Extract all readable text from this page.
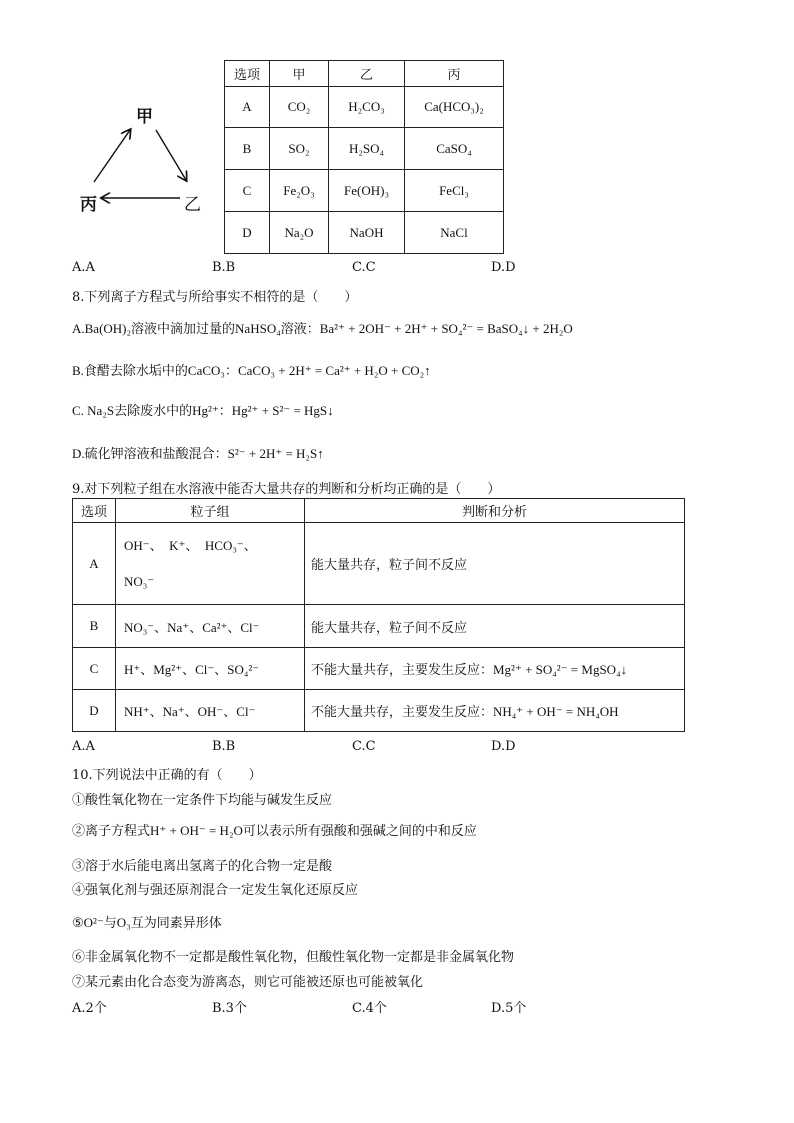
甲
丙	乙
选项	甲	乙	丙
A	CO₂	H₂CO₃	Ca(HCO₃)₂
B	SO₂	H₂SO₄	CaSO₄
C	Fe₂O₃	Fe(OH)₃	FeCl₃
D	Na₂O	NaOH	NaCl
A.A	B.B	C.C	D.D
8.下列离子方程式与所给事实不相符的是（　　）
A.Ba(OH)₂溶液中滴加过量的NaHSO₄溶液：Ba²⁺ + 2OH⁻ + 2H⁺ + SO₄²⁻ = BaSO₄↓ + 2H₂O
B.食醋去除水垢中的CaCO₃：CaCO₃ + 2H⁺ = Ca²⁺ + H₂O + CO₂↑
C. Na₂S去除废水中的Hg²⁺：Hg²⁺ + S²⁻ = HgS↓
D.硫化钾溶液和盐酸混合：S²⁻ + 2H⁺ = H₂S↑
9.对下列粒子组在水溶液中能否大量共存的判断和分析均正确的是（　　）
选项	粒子组	判断和分析
A	OH⁻、　K⁺、　HCO₃⁻、
NO₃⁻	能大量共存，粒子间不反应
B	NO₃⁻、Na⁺、Ca²⁺、Cl⁻	能大量共存，粒子间不反应
C	H⁺、Mg²⁺、Cl⁻、SO₄²⁻	不能大量共存，主要发生反应：Mg²⁺ + SO₄²⁻ = MgSO₄↓
D	NH⁺、Na⁺、OH⁻、Cl⁻	不能大量共存，主要发生反应：NH₄⁺ + OH⁻ = NH₄OH
A.A	B.B	C.C	D.D
10.下列说法中正确的有（　　）
①酸性氧化物在一定条件下均能与碱发生反应
②离子方程式H⁺ + OH⁻ = H₂O可以表示所有强酸和强碱之间的中和反应
③溶于水后能电离出氢离子的化合物一定是酸
④强氧化剂与强还原剂混合一定发生氧化还原反应
⑤O²⁻与O₃互为同素异形体
⑥非金属氧化物不一定都是酸性氧化物，但酸性氧化物一定都是非金属氧化物
⑦某元素由化合态变为游离态，则它可能被还原也可能被氧化
A.2个	B.3个	C.4个	D.5个
